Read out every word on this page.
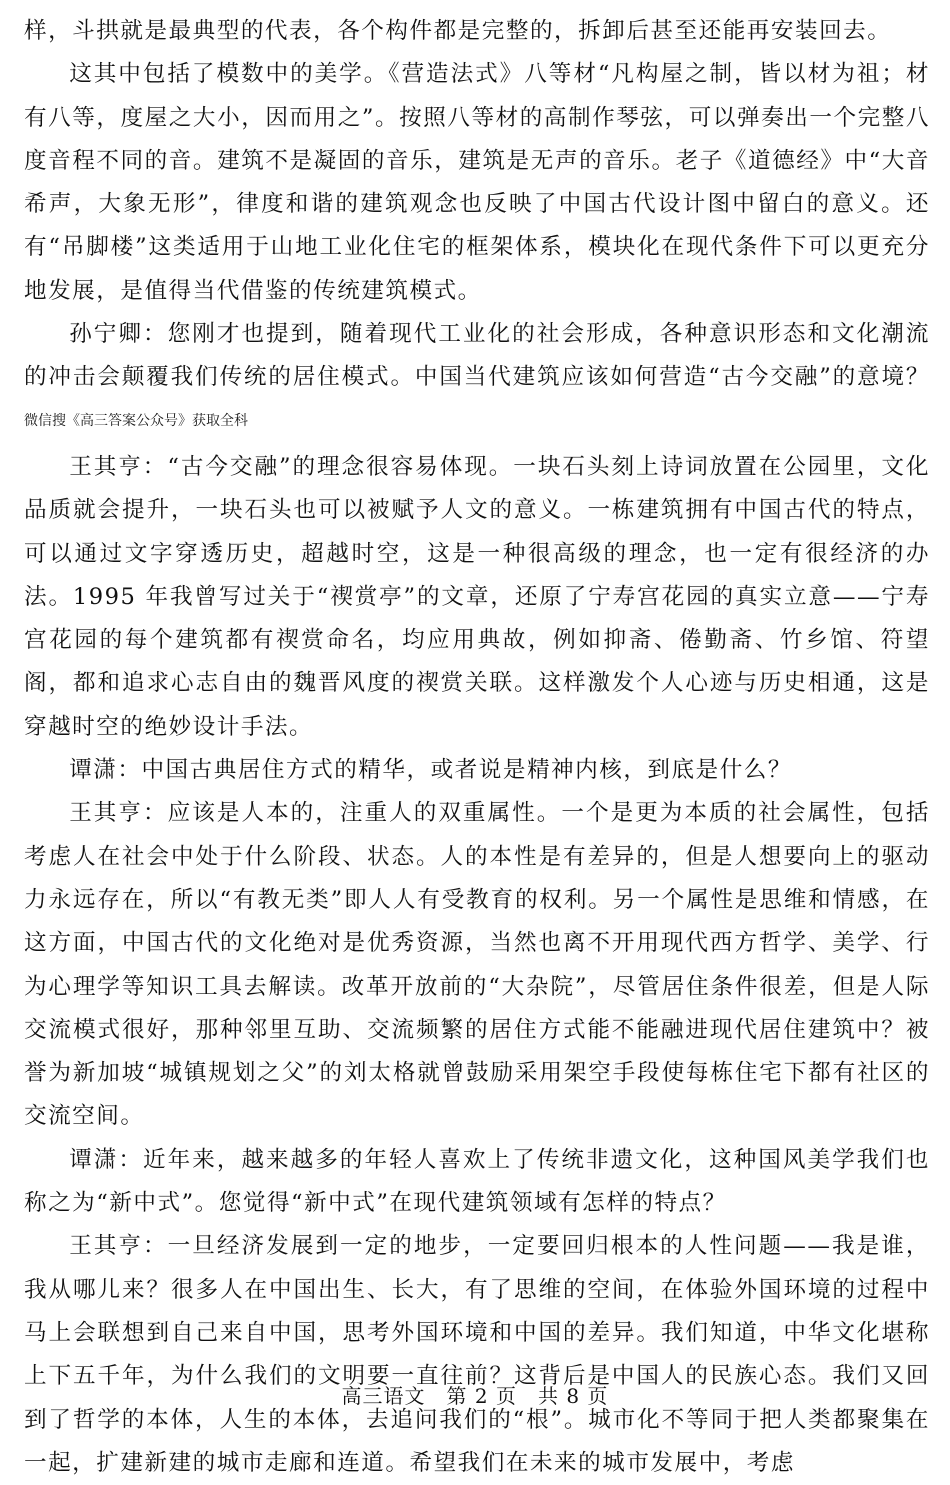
样，斗拱就是最典型的代表，各个构件都是完整的，拆卸后甚至还能再安装回去。

这其中包括了模数中的美学。《营造法式》八等材“凡构屋之制，皆以材为祖；材有八等，度屋之大小，因而用之”。按照八等材的高制作琴弦，可以弹奏出一个完整八度音程不同的音。建筑不是凝固的音乐，建筑是无声的音乐。老子《道德经》中“大音希声，大象无形”，律度和谐的建筑观念也反映了中国古代设计图中留白的意义。还有“吊脚楼”这类适用于山地工业化住宅的框架体系，模块化在现代条件下可以更充分地发展，是值得当代借鉴的传统建筑模式。

孙宁卿：您刚才也提到，随着现代工业化的社会形成，各种意识形态和文化潮流的冲击会颠覆我们传统的居住模式。中国当代建筑应该如何营造“古今交融”的意境？$^{微信搜《高三答案公众号》获取全科}$

王其亨：“古今交融”的理念很容易体现。一块石头刻上诗词放置在公园里，文化品质就会提升，一块石头也可以被赋予人文的意义。一栋建筑拥有中国古代的特点，可以通过文字穿透历史，超越时空，这是一种很高级的理念，也一定有很经济的办法。1995 年我曾写过关于“禊赏亭”的文章，还原了宁寿宫花园的真实立意——宁寿宫花园的每个建筑都有禊赏命名，均应用典故，例如抑斋、倦勤斋、竹乡馆、符望阁，都和追求心志自由的魏晋风度的禊赏关联。这样激发个人心迹与历史相通，这是穿越时空的绝妙设计手法。

谭潇：中国古典居住方式的精华，或者说是精神内核，到底是什么？

王其亨：应该是人本的，注重人的双重属性。一个是更为本质的社会属性，包括考虑人在社会中处于什么阶段、状态。人的本性是有差异的，但是人想要向上的驱动力永远存在，所以“有教无类”即人人有受教育的权利。另一个属性是思维和情感，在这方面，中国古代的文化绝对是优秀资源，当然也离不开用现代西方哲学、美学、行为心理学等知识工具去解读。改革开放前的“大杂院”，尽管居住条件很差，但是人际交流模式很好，那种邻里互助、交流频繁的居住方式能不能融进现代居住建筑中？被誉为新加坡“城镇规划之父”的刘太格就曾鼓励采用架空手段使每栋住宅下都有社区的交流空间。

谭潇：近年来，越来越多的年轻人喜欢上了传统非遗文化，这种国风美学我们也称之为“新中式”。您觉得“新中式”在现代建筑领域有怎样的特点？

王其亨：一旦经济发展到一定的地步，一定要回归根本的人性问题——我是谁，我从哪儿来？很多人在中国出生、长大，有了思维的空间，在体验外国环境的过程中马上会联想到自己来自中国，思考外国环境和中国的差异。我们知道，中华文化堪称上下五千年，为什么我们的文明要一直往前？这背后是中国人的民族心态。我们又回到了哲学的本体，人生的本体，去追问我们的“根”。城市化不等同于把人类都聚集在一起，扩建新建的城市走廊和连道。希望我们在未来的城市发展中，考虑

高三语文　第 2 页　共 8 页
